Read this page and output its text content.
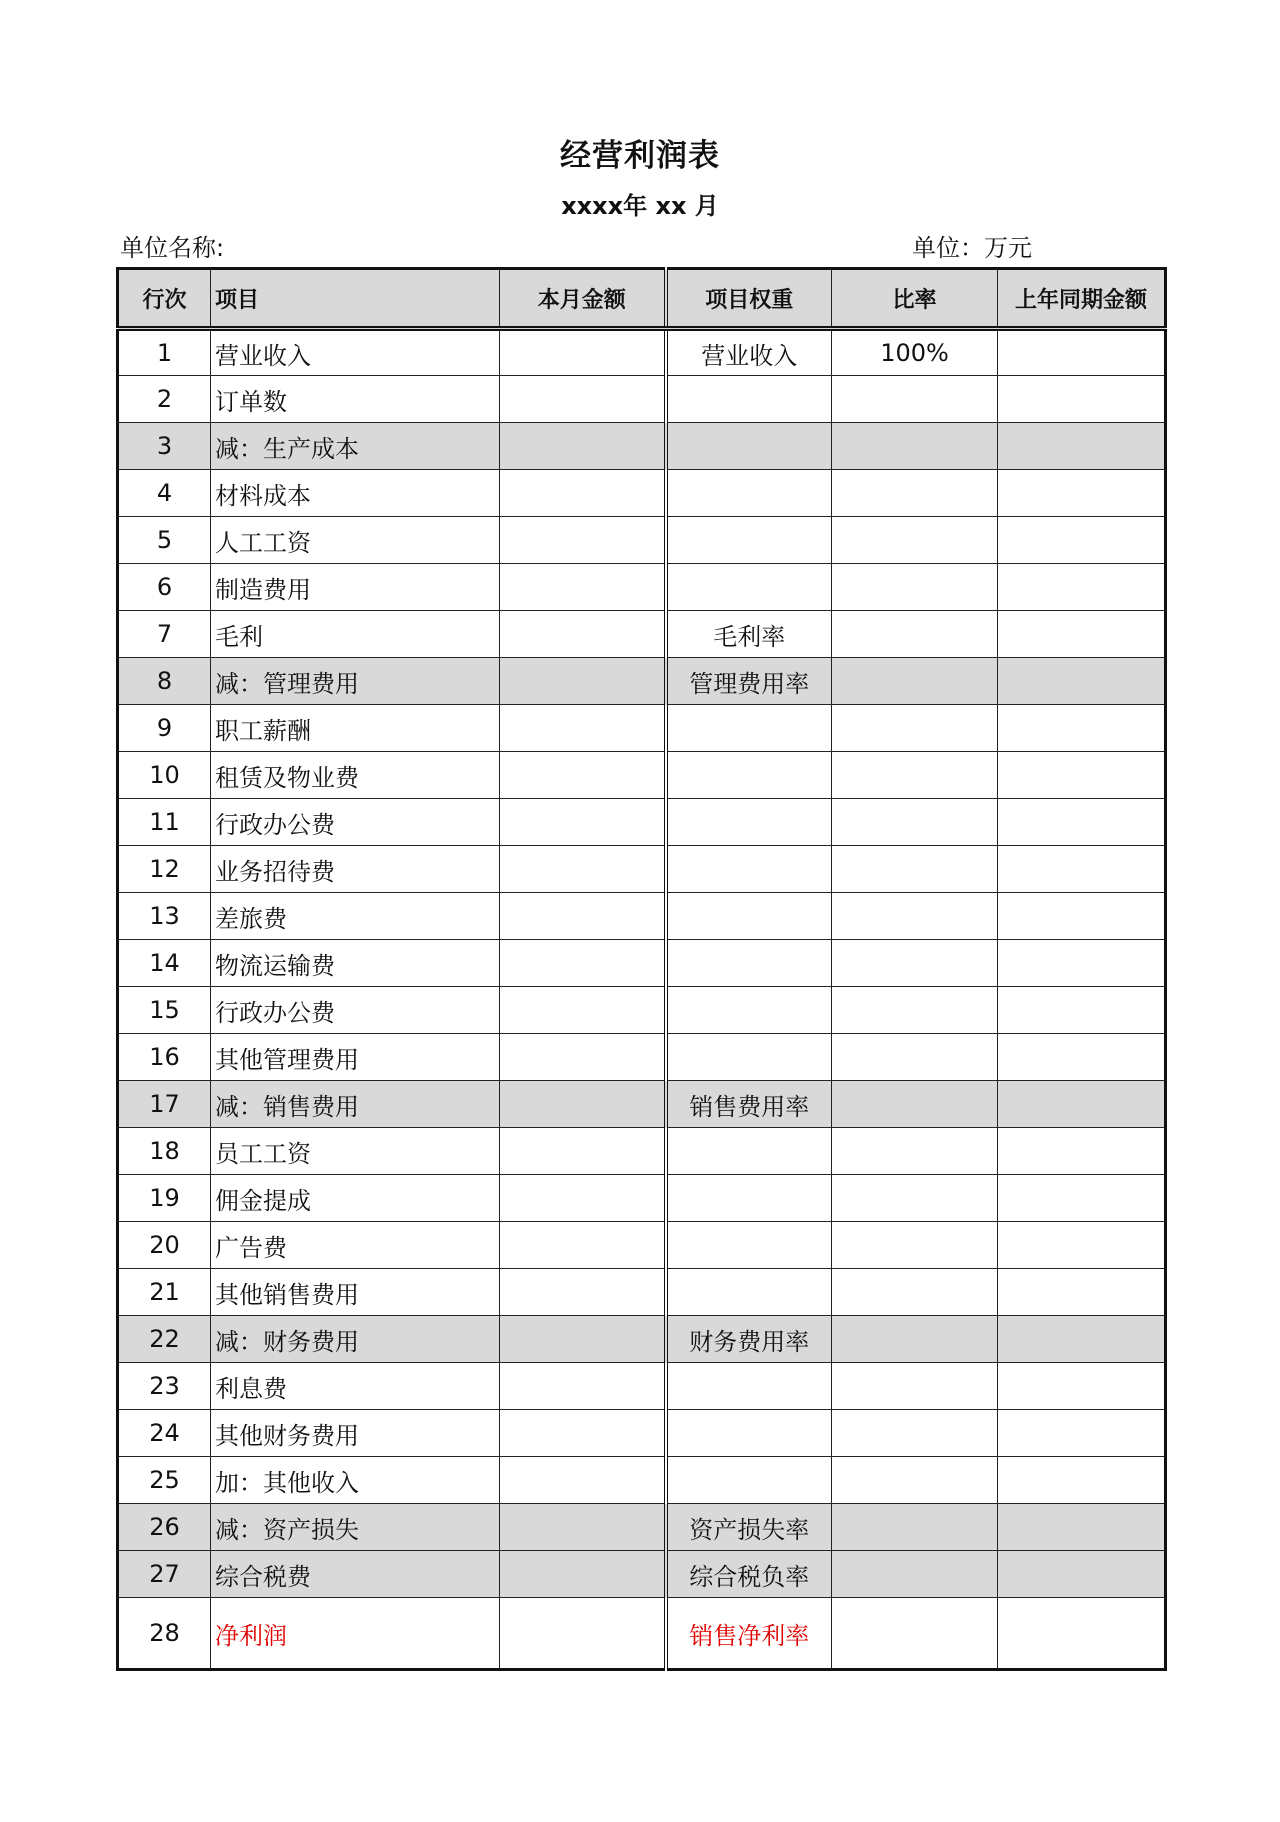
经营利润表
xxxx年 xx 月
单位名称:	单位：万元
行次	项目	本月金额	项目权重	比率	上年同期金额
1	营业收入		营业收入	100%	
2	订单数				
3	减：生产成本				
4	材料成本				
5	人工工资				
6	制造费用				
7	毛利		毛利率		
8	减：管理费用		管理费用率		
9	职工薪酬				
10	租赁及物业费				
11	行政办公费				
12	业务招待费				
13	差旅费				
14	物流运输费				
15	行政办公费				
16	其他管理费用				
17	减：销售费用		销售费用率		
18	员工工资				
19	佣金提成				
20	广告费				
21	其他销售费用				
22	减：财务费用		财务费用率		
23	利息费				
24	其他财务费用				
25	加：其他收入				
26	减：资产损失		资产损失率		
27	综合税费		综合税负率		
28	净利润		销售净利率		
